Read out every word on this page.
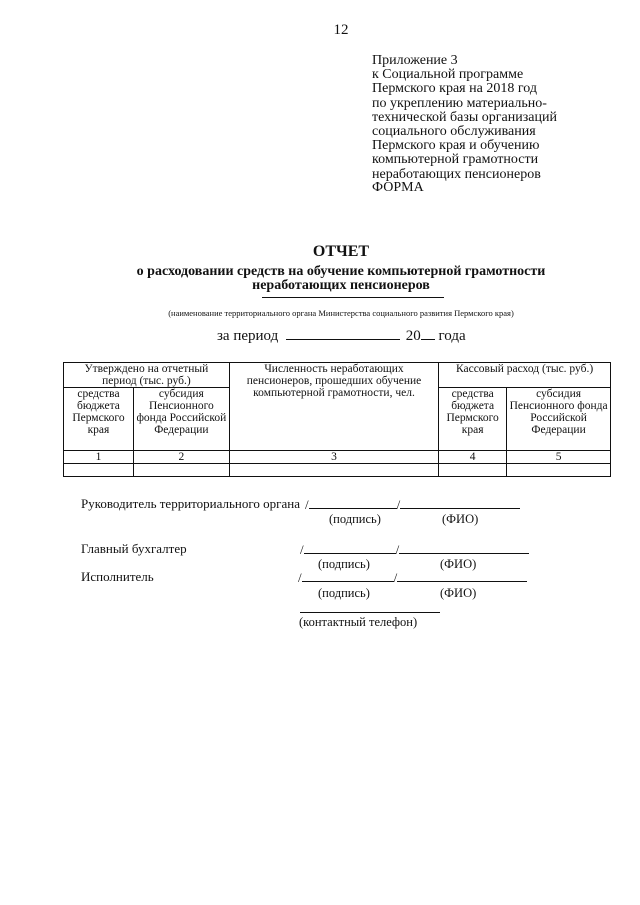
12
Приложение 3
к Социальной программе
Пермского края на 2018 год
по укреплению материально-
технической базы организаций
социального обслуживания
Пермского края и обучению
компьютерной грамотности
неработающих пенсионеров
ФОРМА
ОТЧЕТ
о расходовании средств на обучение компьютерной грамотности
неработающих пенсионеров
(наименование территориального органа Министерства социального развития Пермского края)
за период	20 года
Утверждено на отчетный период (тыс. руб.)		Численность неработающих пенсионеров, прошедших обучение компьютерной грамотности, чел.	Кассовый расход (тыс. руб.)	
средства бюджета Пермского края	субсидия Пенсионного фонда Российской Федерации		средства бюджета Пермского края	субсидия Пенсионного фонда Российской Федерации
1	2	3	4	5

Руководитель территориального органа /	/
(подпись)	(ФИО)
Главный бухгалтер	/	/
(подпись)	(ФИО)
Исполнитель	/	/
(подпись)	(ФИО)
(контактный телефон)
